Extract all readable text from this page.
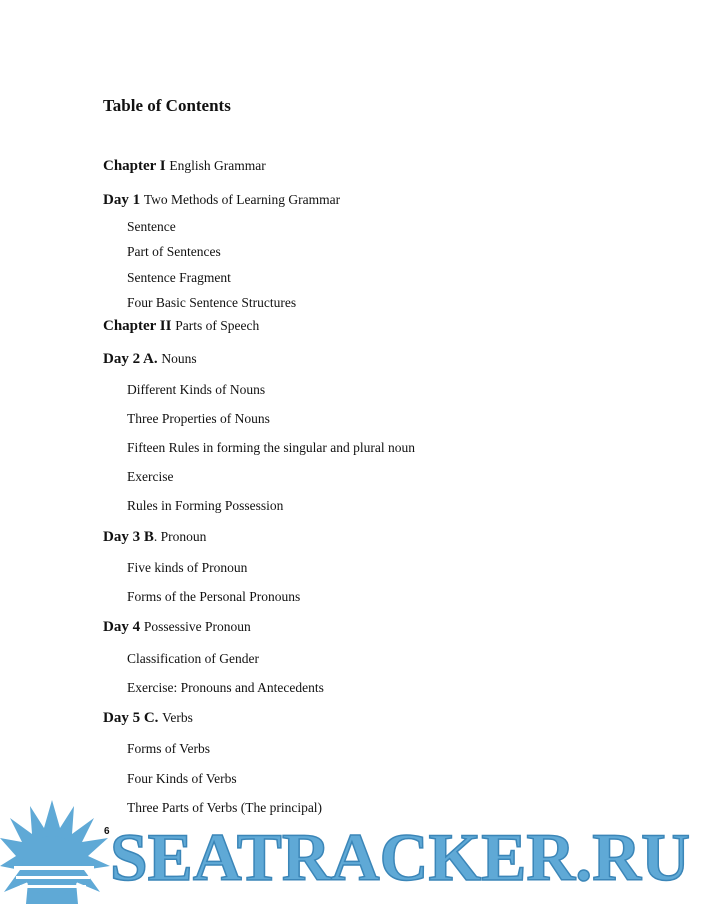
Table of Contents
Chapter I English Grammar
Day 1 Two Methods of Learning Grammar
Sentence
Part of Sentences
Sentence Fragment
Four Basic Sentence Structures
Chapter II Parts of Speech
Day 2 A. Nouns
Different Kinds of Nouns
Three Properties of Nouns
Fifteen Rules in forming the singular and plural noun
Exercise
Rules in Forming Possession
Day 3 B. Pronoun
Five kinds of Pronoun
Forms of the Personal Pronouns
Day 4 Possessive Pronoun
Classification of Gender
Exercise: Pronouns and Antecedents
Day 5 C. Verbs
Forms of Verbs
Four Kinds of Verbs
Three Parts of Verbs (The principal)
6 SEATRACKER.RU
